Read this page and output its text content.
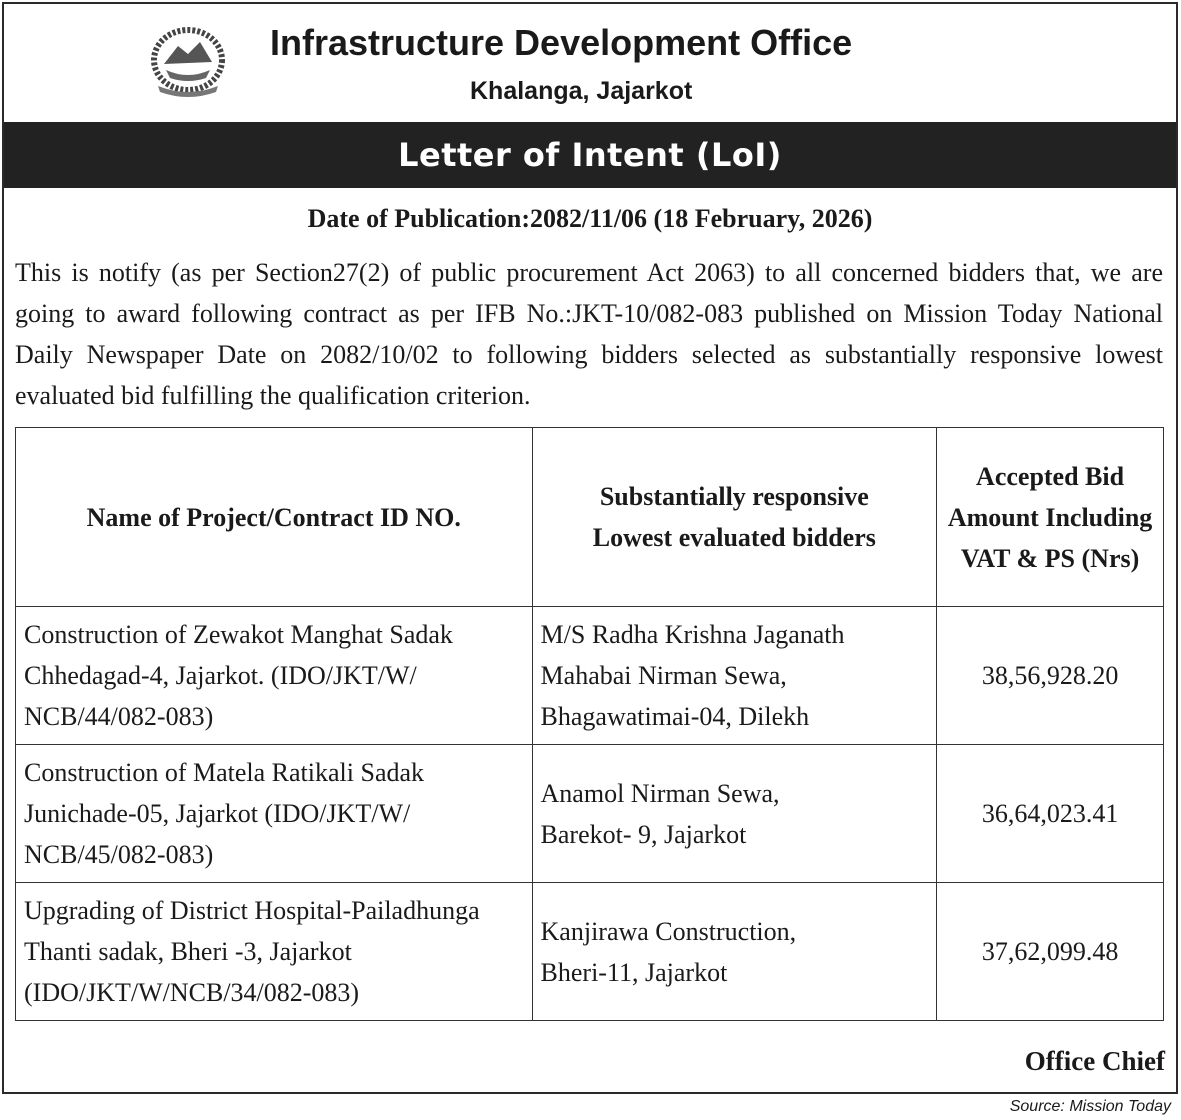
Infrastructure Development Office
Khalanga, Jajarkot
Letter of Intent (LoI)
Date of Publication:2082/11/06 (18 February, 2026)
This is notify (as per Section27(2) of public procurement Act 2063) to all concerned bidders that, we are going to award following contract as per IFB No.:JKT-10/082-083 published on Mission Today National Daily Newspaper Date on 2082/10/02 to following bidders selected as substantially responsive lowest evaluated bid fulfilling the qualification criterion.
Name of Project/Contract ID NO.	Substantially responsive Lowest evaluated bidders	Accepted Bid Amount Including VAT & PS (Nrs)
Construction of Zewakot Manghat Sadak Chhedagad-4, Jajarkot. (IDO/JKT/W/ NCB/44/082-083)	M/S Radha Krishna Jaganath Mahabai Nirman Sewa, Bhagawatimai-04, Dilekh	38,56,928.20
Construction of Matela Ratikali Sadak Junichade-05, Jajarkot (IDO/JKT/W/ NCB/45/082-083)	Anamol Nirman Sewa, Barekot- 9, Jajarkot	36,64,023.41
Upgrading of District Hospital-Pailadhunga Thanti sadak, Bheri -3, Jajarkot (IDO/JKT/W/NCB/34/082-083)	Kanjirawa Construction, Bheri-11, Jajarkot	37,62,099.48
Office Chief
Source: Mission Today
